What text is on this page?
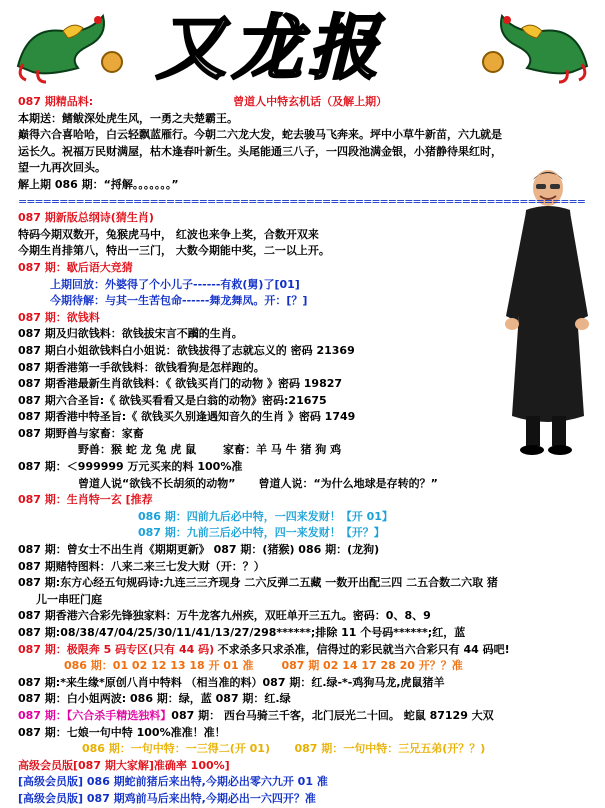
又龙报
087 期精品料:	曾道人中特玄机话（及解上期）
本期送：鳍鲅深处虎生风，一勇之夫楚霸王。
巅得六合喜哈哈，白云轻飘蓝雁行。今朝二六龙大发，蛇去骏马飞奔来。坪中小草牛新苗，六九就是
运长久。祝福万民财满屋，枯木逢春叶新生。头尾能通三八子，一四段池满金银，小猪静待果红时，
望一九再次回头。
解上期 086 期：“捋解。。。。。。。”
=====================================================================
087 期新版总纲诗(猜生肖)
特码今期双数开，兔猴虎马中， 红波也来争上奖，合数开双来
今期生肖排第八，特出一三门， 大数今期能中奖，二一以上开。
087 期：歇后语大竞猜
上期回放：外婆得了个小儿子------有救(舅)了[01]
今期待解：与其一生苦包命------舞龙舞凤。开：[？]
087 期：欲钱料
087 期及归欲钱料：欲钱拔宋言不躏的生肖。
087 期白小姐欲钱料白小姐说：欲钱拔得了志就忘义的 密码 21369
087 期香港第一手欲钱料：欲钱看狗是怎样跑的。
087 期香港最新生肖欲钱料：《 欲钱买肖门的动物 》密码 19827
087 期六合圣旨:《 欲钱买看看又是白翁的动物》密码:21675
087 期香港中特圣旨:《 欲钱买久别逢遇知音久的生肖 》密码 1749
087 期野兽与家畜：家畜
野兽：猴 蛇 龙 兔 虎 鼠 家畜：羊 马 牛 猪 狗 鸡
087 期：＜999999 万元买来的料 100%准
曾道人说“欲钱不长胡须的动物” 曾道人说：“为什么地球是存转的？”
087 期：生肖特一玄 [推荐
086 期：四前九后必中特，一四来发财！【开 01】
087 期：九前三后必中特，四一来发财！【开？】
087 期：曾女士不出生肖《期期更新》 087 期：(猪猴) 086 期：(龙狗)
087 期赌特图料：八来二来三七发大财（开：？）
087 期:东方心经五句规码诗:九连三三齐现身 二六反弹二五藏 一数开出配三四 二五合数二六取 猪
儿一串旺门庭
087 期香港六合彩先锋独家料：万牛龙客九州疾，双旺单开三五九。密码：0、8、9
087 期:08/38/47/04/25/30/11/41/13/27/298******;排除 11 个号码******;红，蓝
087 期：极限奔 5 码专区(只有 44 码) 不求杀多只求杀准，信得过的彩民就当六合彩只有 44 码吧!
086 期：01 02 12 13 18 开 01 准	087 期 02 14 17 28 20 开？？准
087 期:*来生缘*原创八肖中特料 （相当准的料）087 期：红.绿-*-鸡狗马龙,虎鼠猪羊
087 期：白小姐两波: 086 期：绿，蓝 087 期：红.绿
087 期：【六合杀手精选独料】087 期： 西台马骑三千客，北门辰光二十回。 蛇鼠 87129 大双
087 期：七娘一句中特 100%准准！准！
086 期：一句中特：一三得二(开 01) 087 期：一句中特：三兄五弟(开？？)
高级会员版[087 期大家解]准确率 100%]
[高级会员版] 086 期蛇前猪后来出特,今期必出零六九开 01 准
[高级会员版] 087 期鸡前马后来出特,今期必出一六四开？准
